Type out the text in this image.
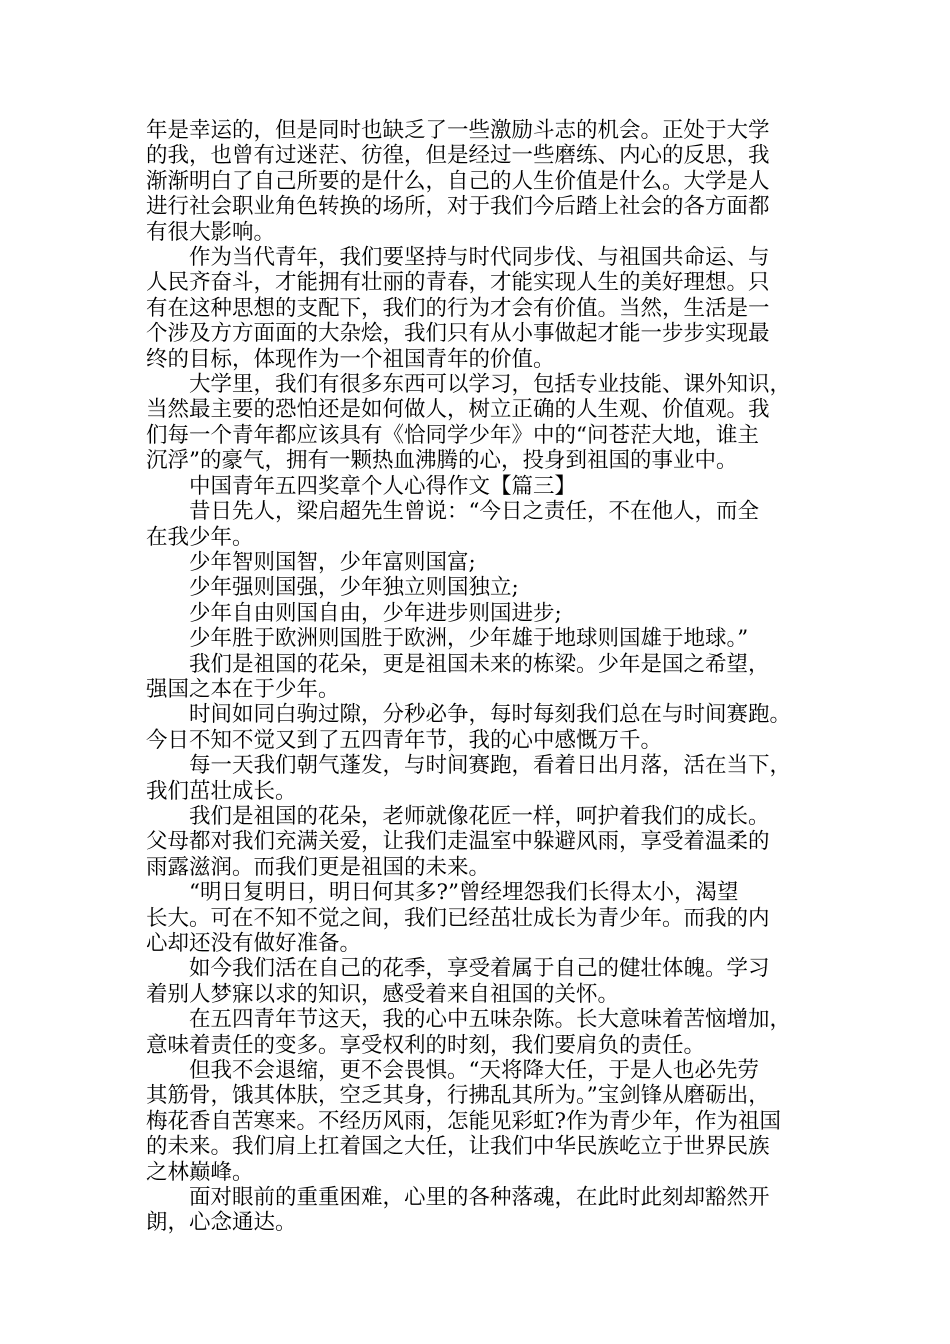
年是幸运的，但是同时也缺乏了一些激励斗志的机会。正处于大学
的我，也曾有过迷茫、彷徨，但是经过一些磨练、内心的反思，我
渐渐明白了自己所要的是什么，自己的人生价值是什么。大学是人
进行社会职业角色转换的场所，对于我们今后踏上社会的各方面都
有很大影响。

　　作为当代青年，我们要坚持与时代同步伐、与祖国共命运、与
人民齐奋斗，才能拥有壮丽的青春，才能实现人生的美好理想。只
有在这种思想的支配下，我们的行为才会有价值。当然，生活是一
个涉及方方面面的大杂烩，我们只有从小事做起才能一步步实现最
终的目标，体现作为一个祖国青年的价值。

　　大学里，我们有很多东西可以学习，包括专业技能、课外知识，
当然最主要的恐怕还是如何做人，树立正确的人生观、价值观。我
们每一个青年都应该具有《恰同学少年》中的“问苍茫大地，谁主
沉浮”的豪气，拥有一颗热血沸腾的心，投身到祖国的事业中。

　　中国青年五四奖章个人心得作文【篇三】

　　昔日先人，梁启超先生曾说：“今日之责任，不在他人，而全
在我少年。

　　少年智则国智，少年富则国富;

　　少年强则国强，少年独立则国独立;

　　少年自由则国自由，少年进步则国进步;

　　少年胜于欧洲则国胜于欧洲，少年雄于地球则国雄于地球。”

　　我们是祖国的花朵，更是祖国未来的栋梁。少年是国之希望，
强国之本在于少年。

　　时间如同白驹过隙，分秒必争，每时每刻我们总在与时间赛跑。
今日不知不觉又到了五四青年节，我的心中感慨万千。

　　每一天我们朝气蓬发，与时间赛跑，看着日出月落，活在当下，
我们茁壮成长。

　　我们是祖国的花朵，老师就像花匠一样，呵护着我们的成长。
父母都对我们充满关爱，让我们走温室中躲避风雨，享受着温柔的
雨露滋润。而我们更是祖国的未来。

　　“明日复明日，明日何其多?”曾经埋怨我们长得太小，渴望
长大。可在不知不觉之间，我们已经茁壮成长为青少年。而我的内
心却还没有做好准备。

　　如今我们活在自己的花季，享受着属于自己的健壮体魄。学习
着别人梦寐以求的知识，感受着来自祖国的关怀。

　　在五四青年节这天，我的心中五味杂陈。长大意味着苦恼增加，
意味着责任的变多。享受权利的时刻，我们要肩负的责任。

　　但我不会退缩，更不会畏惧。“天将降大任，于是人也必先劳
其筋骨，饿其体肤，空乏其身，行拂乱其所为。”宝剑锋从磨砺出，
梅花香自苦寒来。不经历风雨，怎能见彩虹?作为青少年，作为祖国
的未来。我们肩上扛着国之大任，让我们中华民族屹立于世界民族
之林巅峰。

　　面对眼前的重重困难，心里的各种落魂，在此时此刻却豁然开
朗，心念通达。
